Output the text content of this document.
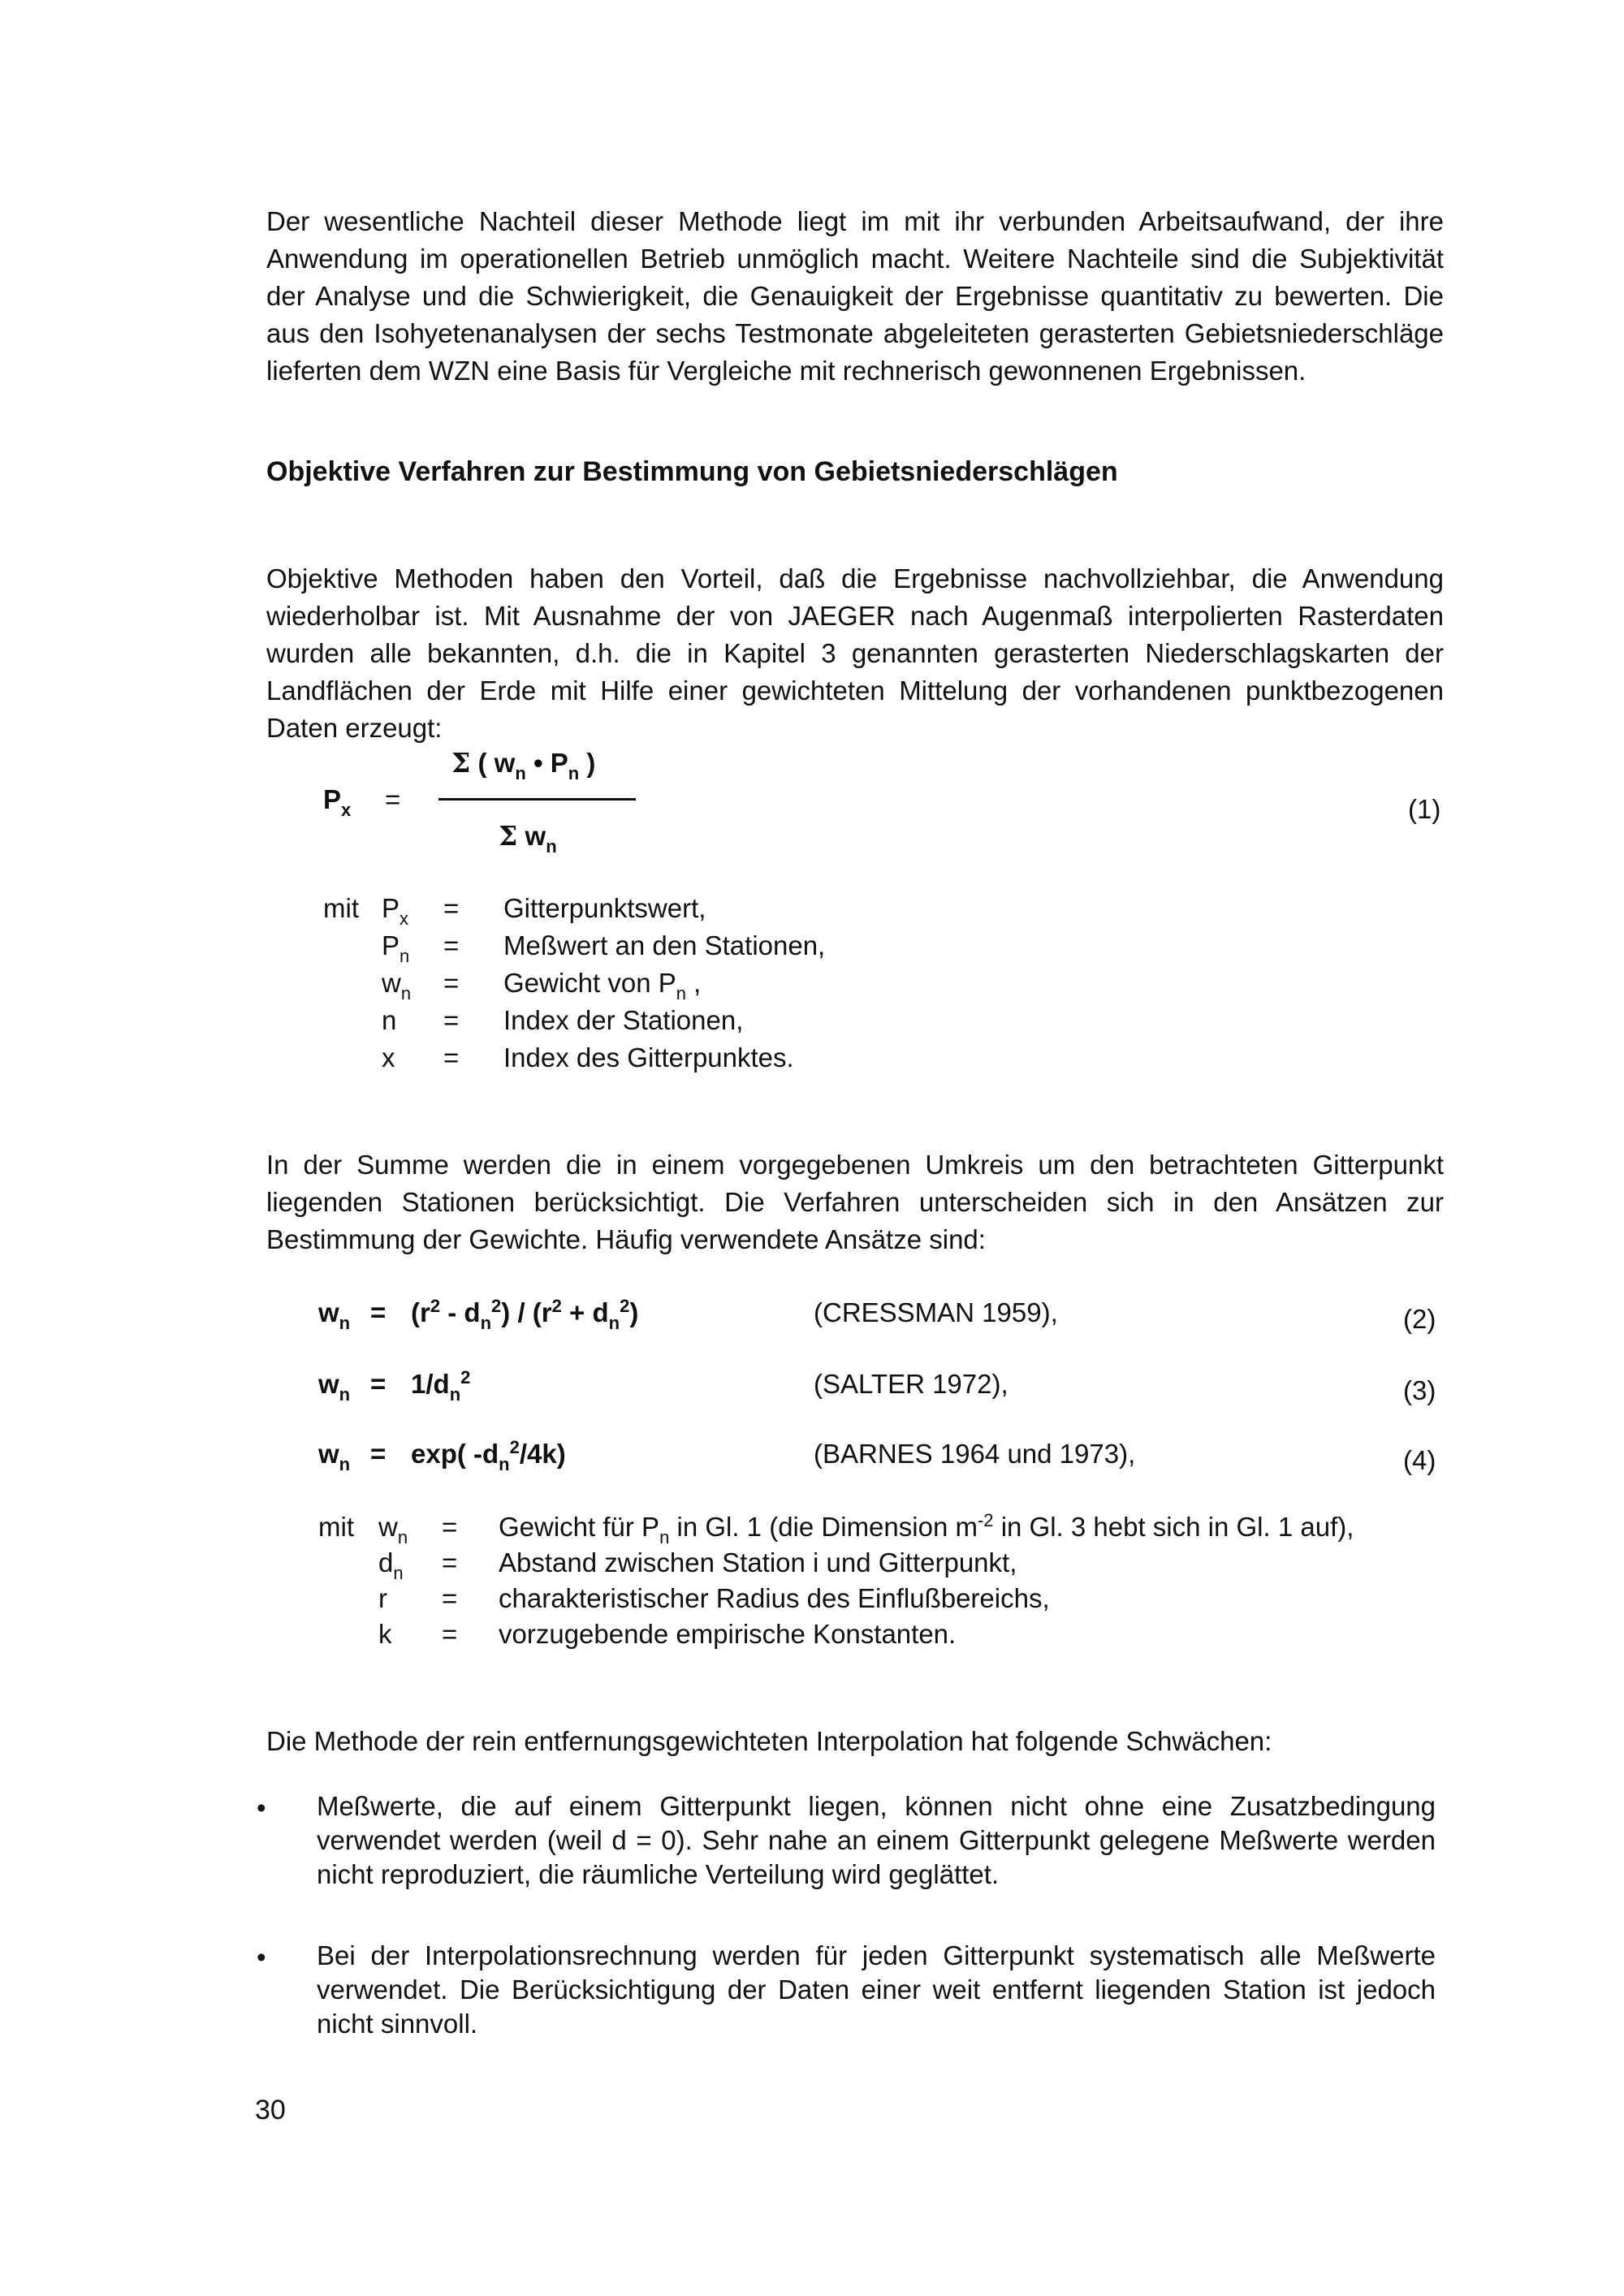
Der wesentliche Nachteil dieser Methode liegt im mit ihr verbunden Arbeitsaufwand, der ihre Anwendung im operationellen Betrieb unmöglich macht. Weitere Nachteile sind die Subjektivität der Analyse und die Schwierigkeit, die Genauigkeit der Ergebnisse quantitativ zu bewerten. Die aus den Isohyetenanalysen der sechs Testmonate abgeleiteten gerasterten Gebietsniederschläge lieferten dem WZN eine Basis für Vergleiche mit rechnerisch gewonnenen Ergebnissen.

Objektive Verfahren zur Bestimmung von Gebietsniederschlägen

Objektive Methoden haben den Vorteil, daß die Ergebnisse nachvollziehbar, die Anwendung wiederholbar ist. Mit Ausnahme der von JAEGER nach Augenmaß interpolierten Rasterdaten wurden alle bekannten, d.h. die in Kapitel 3 genannten gerasterten Niederschlagskarten der Landflächen der Erde mit Hilfe einer gewichteten Mittelung der vorhandenen punktbezogenen Daten erzeugt:

$P_x$ =
Σ ( $w_n$ • $P_n$ )
Σ $w_n$
(1)
mit $P_x$ = Gitterpunktswert,
$P_n$ = Meßwert an den Stationen,
$w_n$ = Gewicht von $P_n$ ,
n = Index der Stationen,
x = Index des Gitterpunktes.

In der Summe werden die in einem vorgegebenen Umkreis um den betrachteten Gitterpunkt liegenden Stationen berücksichtigt. Die Verfahren unterscheiden sich in den Ansätzen zur Bestimmung der Gewichte. Häufig verwendete Ansätze sind:

$w_n = (r^2 - d_n^2) / (r^2 + d_n^2)$	(CRESSMAN 1959),	(2)
$w_n = 1/d_n^2$	(SALTER 1972),	(3)
$w_n = \exp$( $-d_n^2/4k$)	(BARNES 1964 und 1973),	(4)
mit $w_n$ = Gewicht für $P_n$ in Gl. 1 (die Dimension $m^{-2}$ in Gl. 3 hebt sich in Gl. 1 auf),
$d_n = Abstand$ zwischen Station i und Gitterpunkt,
r = charakteristischer Radius des Einflußbereichs,
k = vorzugebende empirische Konstanten.

Die Methode der rein entfernungsgewichteten Interpolation hat folgende Schwächen:

• Meßwerte, die auf einem Gitterpunkt liegen, können nicht ohne eine Zusatzbedingung verwendet werden (weil d = 0). Sehr nahe an einem Gitterpunkt gelegene Meßwerte werden nicht reproduziert, die räumliche Verteilung wird geglättet.
• Bei der Interpolationsrechnung werden für jeden Gitterpunkt systematisch alle Meßwerte verwendet. Die Berücksichtigung der Daten einer weit entfernt liegenden Station ist jedoch nicht sinnvoll.
30
